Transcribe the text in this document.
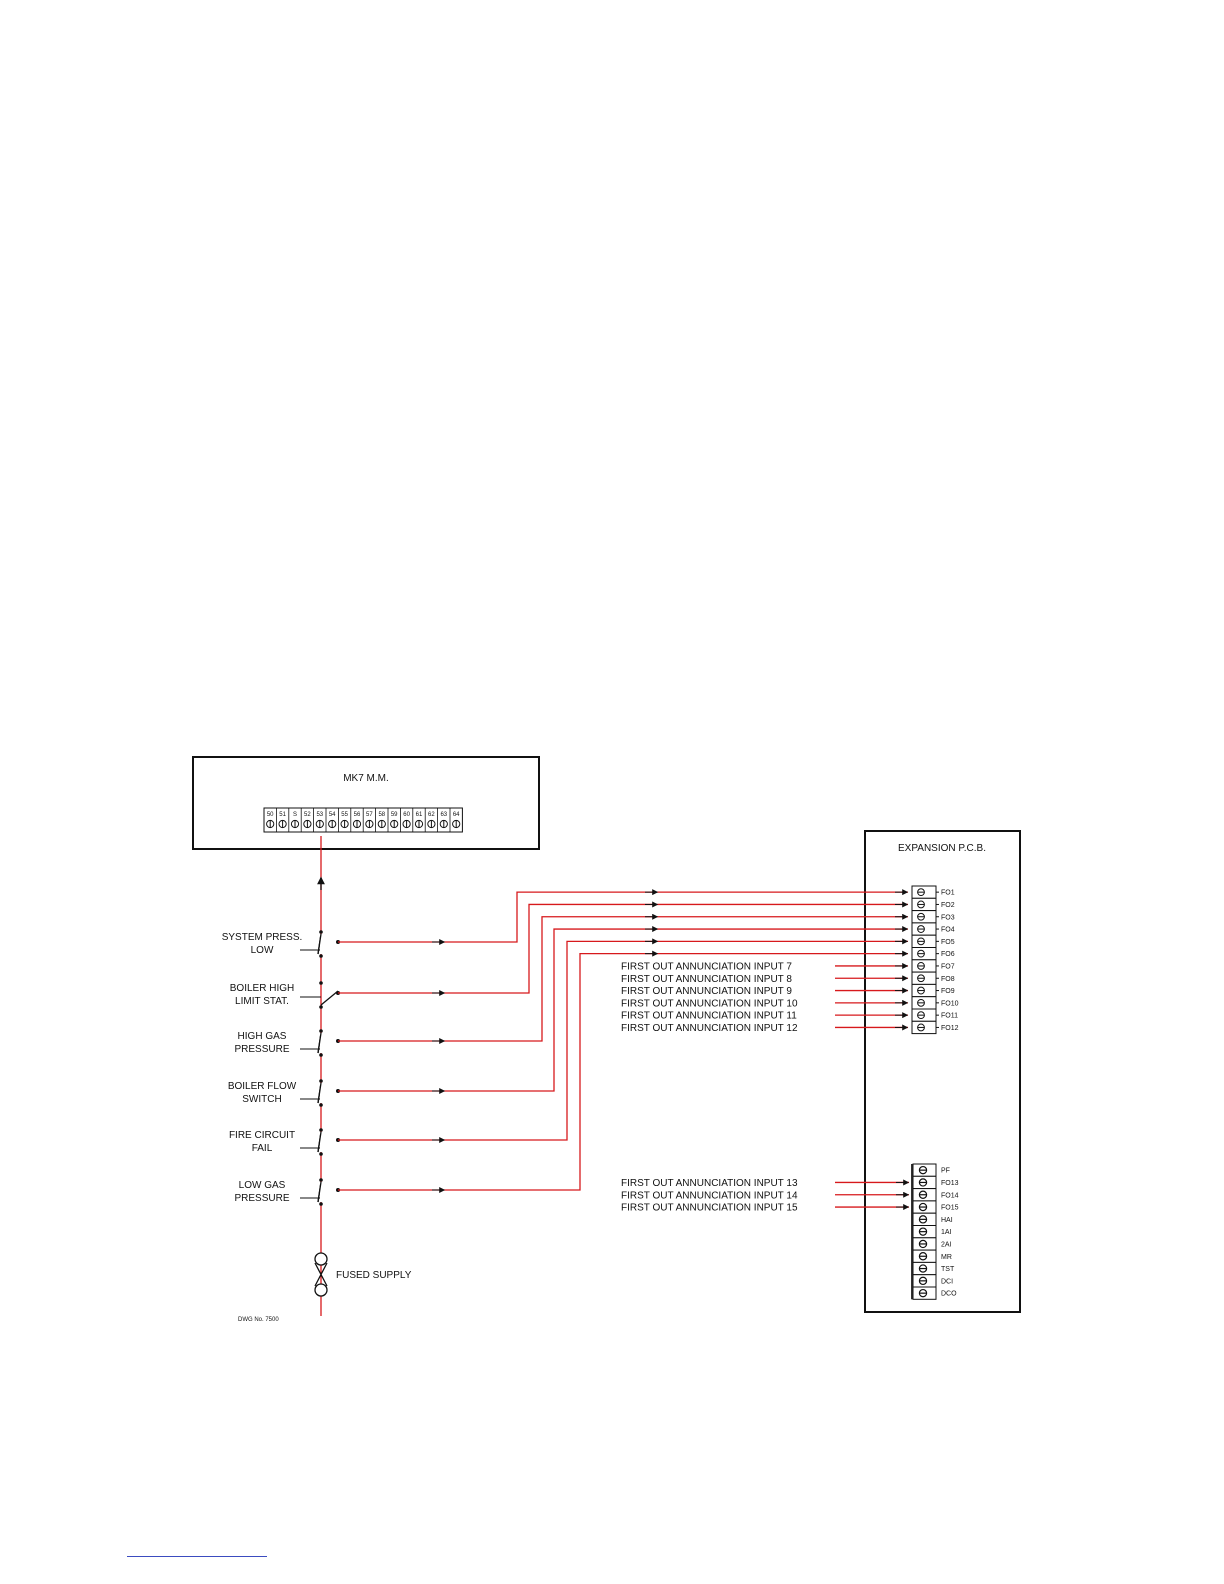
MK7 M.M.
50 51 S 52 53 54 55 56 57 58 59 60 61 62 63 64
EXPANSION P.C.B.
FO1
FO2
FO3
FO4
FO5
FO6
FO7
FO8
FO9
FO10
FO11
FO12
PF
FO13
FO14
FO15
HAI
1AI
2AI
MR
TST
DCI
DCO
SYSTEM PRESS.
LOW
BOILER HIGH
LIMIT STAT.
HIGH GAS
PRESSURE
BOILER FLOW
SWITCH
FIRE CIRCUIT
FAIL
LOW GAS
PRESSURE
FIRST OUT ANNUNCIATION INPUT 7
FIRST OUT ANNUNCIATION INPUT 8
FIRST OUT ANNUNCIATION INPUT 9
FIRST OUT ANNUNCIATION INPUT 10
FIRST OUT ANNUNCIATION INPUT 11
FIRST OUT ANNUNCIATION INPUT 12
FIRST OUT ANNUNCIATION INPUT 13
FIRST OUT ANNUNCIATION INPUT 14
FIRST OUT ANNUNCIATION INPUT 15
FUSED SUPPLY
DWG No. 7500
